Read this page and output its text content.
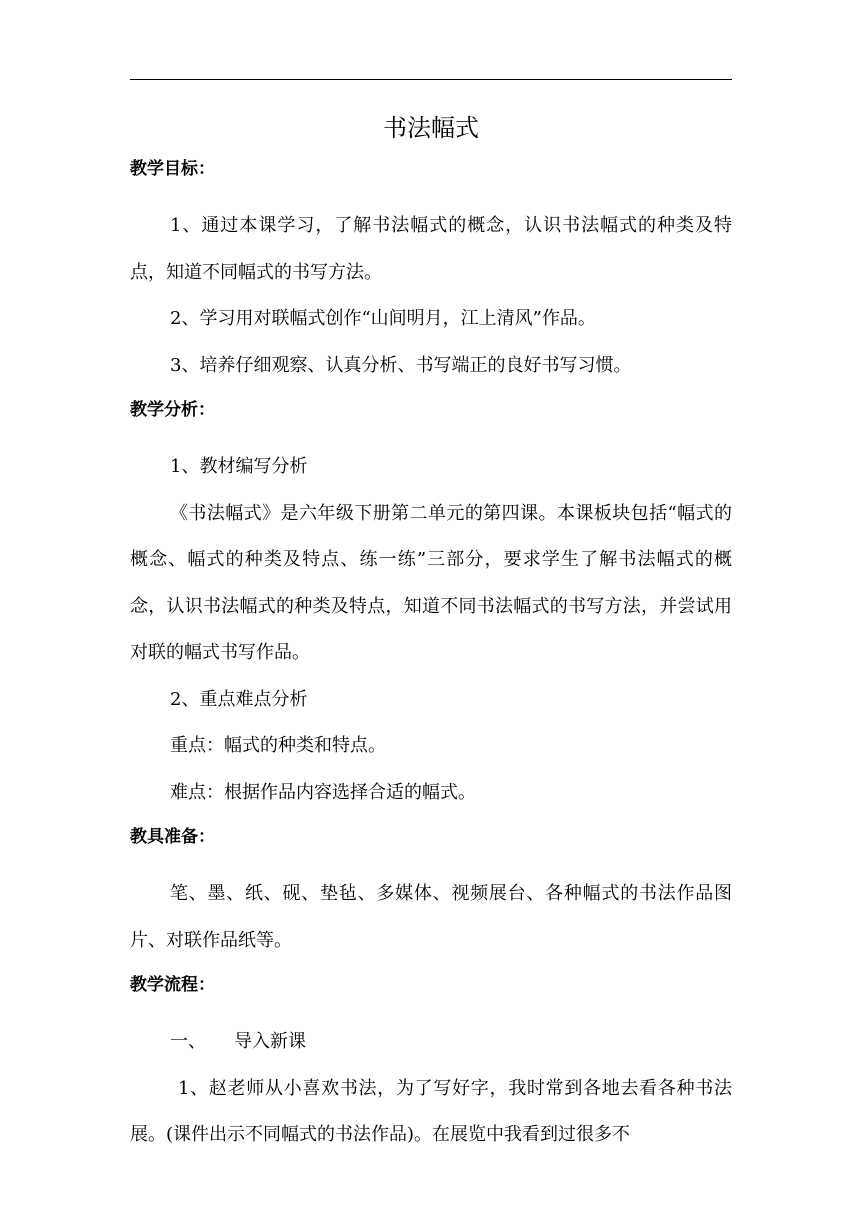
书法幅式
教学目标：

1、通过本课学习，了解书法幅式的概念，认识书法幅式的种类及特点，知道不同幅式的书写方法。

2、学习用对联幅式创作“山间明月，江上清风”作品。

3、培养仔细观察、认真分析、书写端正的良好书写习惯。

教学分析：

1、教材编写分析

《书法幅式》是六年级下册第二单元的第四课。本课板块包括“幅式的概念、幅式的种类及特点、练一练”三部分，要求学生了解书法幅式的概念，认识书法幅式的种类及特点，知道不同书法幅式的书写方法，并尝试用对联的幅式书写作品。

2、重点难点分析

重点：幅式的种类和特点。

难点：根据作品内容选择合适的幅式。

教具准备：

笔、墨、纸、砚、垫毡、多媒体、视频展台、各种幅式的书法作品图片、对联作品纸等。

教学流程：

一、 导入新课

1、赵老师从小喜欢书法，为了写好字，我时常到各地去看各种书法展。(课件出示不同幅式的书法作品)。在展览中我看到过很多不
